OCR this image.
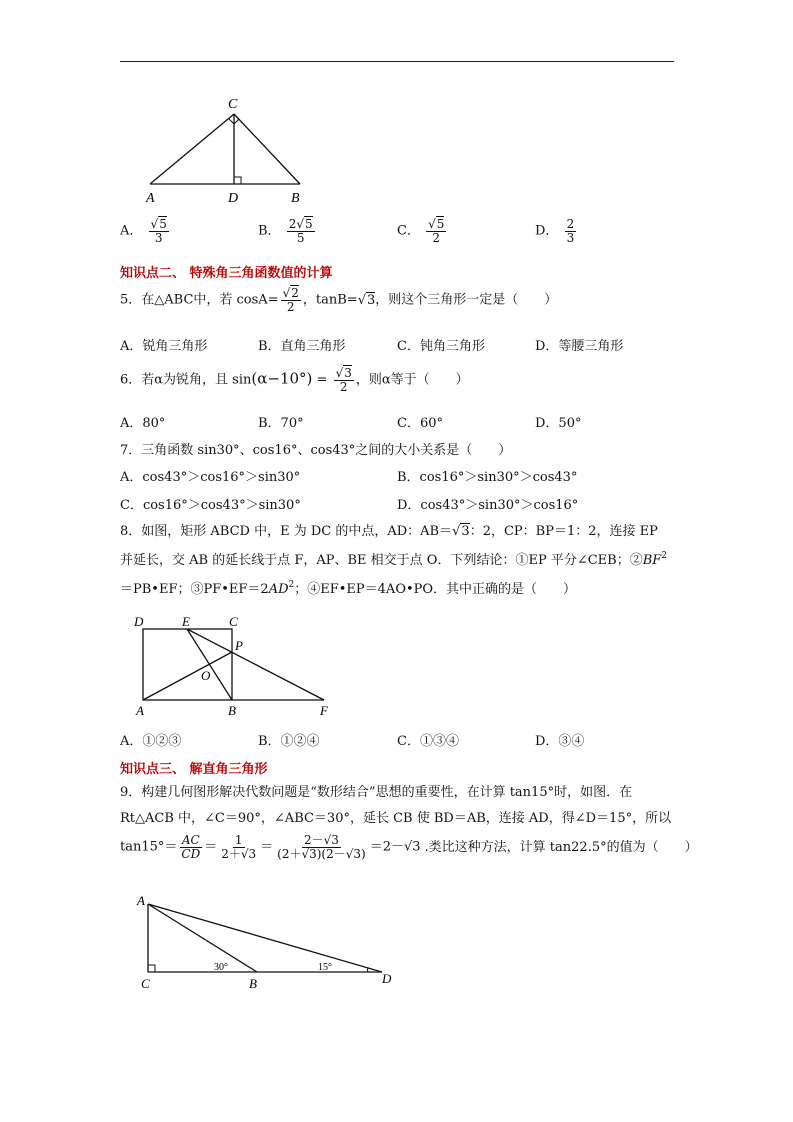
C
A	D	B
A． √ $\frac{5}{3}$	B． $\frac{2 √ 5}{5}$	C． √ $\frac{5}{2}$	D． $\frac{2}{3}$
知识点二、 特殊角三角函数值的计算
5．在△ABC中，若 cosA= √ $\frac{2}{2}$ ，tanB= √ 3，则这个三角形一定是（　　）
A．锐角三角形	B．直角三角形	C．钝角三角形	D．等腰三角形
6．若α为锐角，且 sin(α−10°) = √ $\frac{3}{2}$ ，则α等于（　　）
A．80°	B．70°	C．60°	D．50°
7．三角函数 sin30°、cos16°、cos43°之间的大小关系是（　　）
A．cos43°＞cos16°＞sin30°	B．cos16°＞sin30°＞cos43°
C．cos16°＞cos43°＞sin30°	D．cos43°＞sin30°＞cos16°
8．如图，矩形 ABCD 中，E 为 DC 的中点，AD：AB＝ √ 3：2，CP：BP＝1：2，连接 EP
并延长，交 AB 的延长线于点 F，AP、BE 相交于点 O．下列结论：①EP 平分∠CEB；$②BF^2$
＝PB•EF；$③PF•EF=2AD^2$；④EF•EP＝4AO•PO．其中正确的是（　　）
D	E	C
P
O
A	B	F
A．①②③	B．①②④	C．①③④	D．③④
知识点三、 解直角三角形
9．构建几何图形解决代数问题是“数形结合”思想的重要性，在计算 tan15°时，如图．在
Rt△ACB 中，∠C＝90°，∠ABC＝30°，延长 CB 使 BD＝AB，连接 AD，得∠D＝15°，所以
$\tan 15^\circ= \frac{AC}{CD} = \frac{1}{2+√3} = \frac{2-√3}{(2+√3)(2-√3)} =2-√3$ .类比这种方法，计算 tan22.5°的值为（　　）
A
C	B	D
30°	15°
